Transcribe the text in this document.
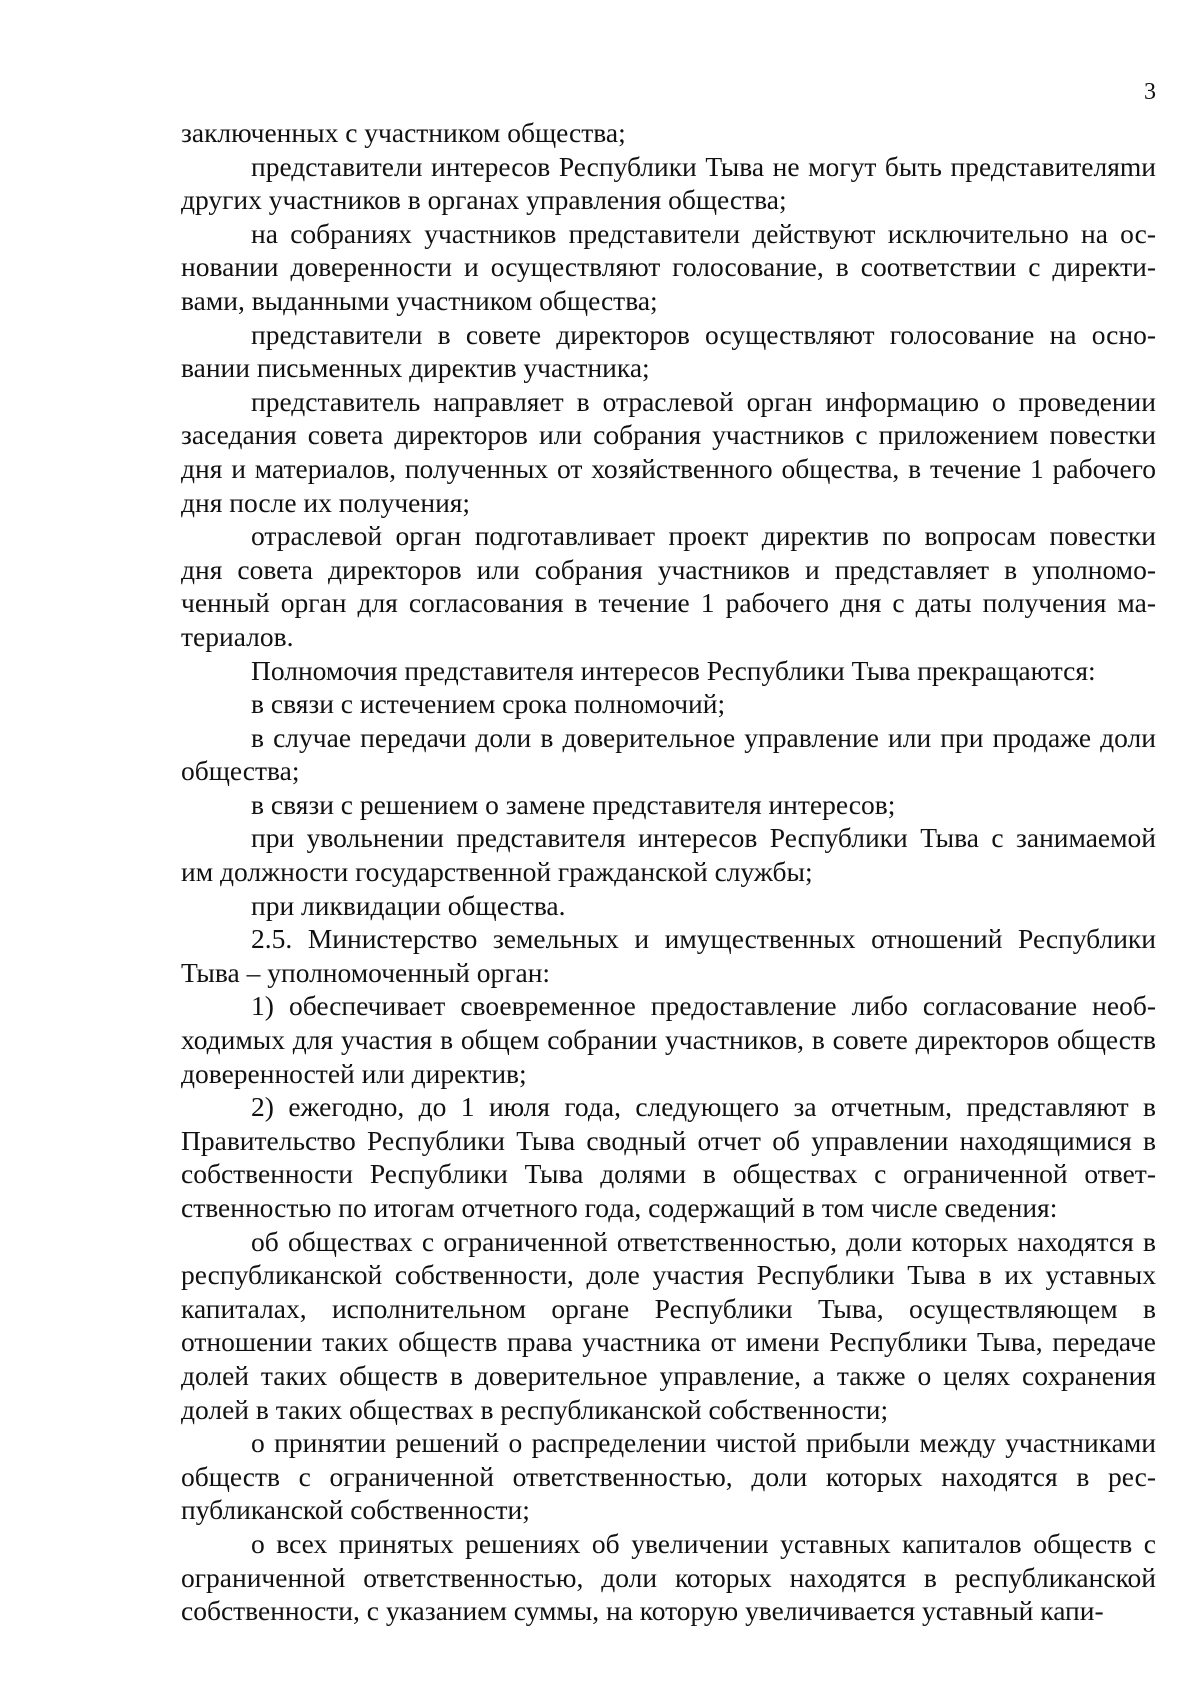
3

заключенных с участником общества;

представители интересов Республики Тыва не могут быть представителяmи других участников в органах управления общества;

на собраниях участников представители действуют исключительно на основании доверенности и осуществляют голосование, в соответствии с директивами, выданными участником общества;

представители в совете директоров осуществляют голосование на основании письменных директив участника;

представитель направляет в отраслевой орган информацию о проведении заседания совета директоров или собрания участников с приложением повестки дня и материалов, полученных от хозяйственного общества, в течение 1 рабочего дня после их получения;

отраслевой орган подготавливает проект директив по вопросам повестки дня совета директоров или собрания участников и представляет в уполномоченный орган для согласования в течение 1 рабочего дня с даты получения материалов.

Полномочия представителя интересов Республики Тыва прекращаются:

в связи с истечением срока полномочий;

в случае передачи доли в доверительное управление или при продаже доли общества;

в связи с решением о замене представителя интересов;

при увольнении представителя интересов Республики Тыва с занимаемой им должности государственной гражданской службы;

при ликвидации общества.

2.5. Министерство земельных и имущественных отношений Республики Тыва – уполномоченный орган:

1) обеспечивает своевременное предоставление либо согласование необходимых для участия в общем собрании участников, в совете директоров обществ доверенностей или директив;

2) ежегодно, до 1 июля года, следующего за отчетным, представляют в Правительство Республики Тыва сводный отчет об управлении находящимися в собственности Республики Тыва долями в обществах с ограниченной ответственностью по итогам отчетного года, содержащий в том числе сведения:

об обществах с ограниченной ответственностью, доли которых находятся в республиканской собственности, доле участия Республики Тыва в их уставных капиталах, исполнительном органе Республики Тыва, осуществляющем в отношении таких обществ права участника от имени Республики Тыва, передаче долей таких обществ в доверительное управление, а также о целях сохранения долей в таких обществах в республиканской собственности;

о принятии решений о распределении чистой прибыли между участниками обществ с ограниченной ответственностью, доли которых находятся в республиканской собственности;

о всех принятых решениях об увеличении уставных капиталов обществ с ограниченной ответственностью, доли которых находятся в республиканской собственности, с указанием суммы, на которую увеличивается уставный капи-
